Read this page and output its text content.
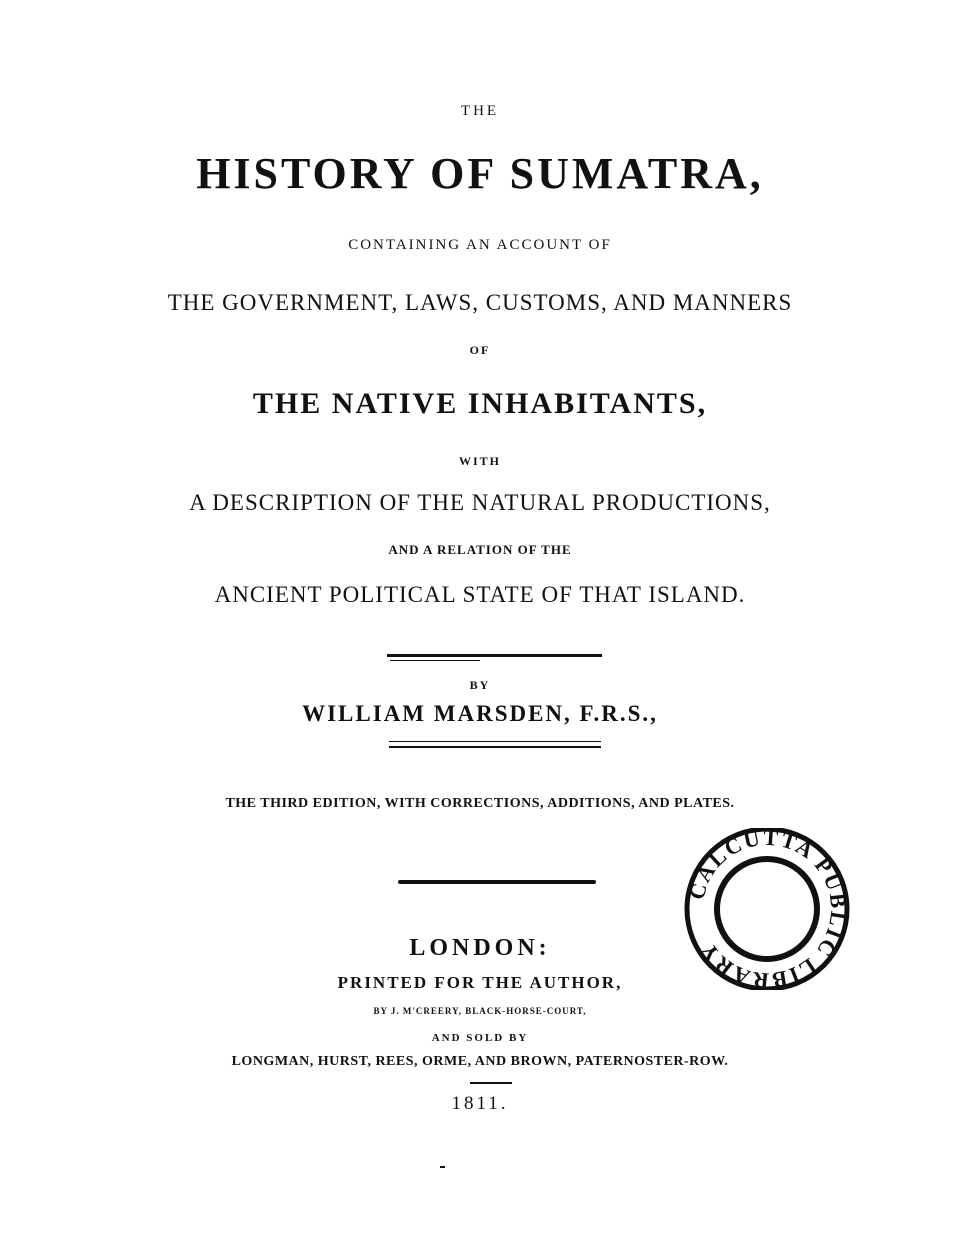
THE
HISTORY OF SUMATRA,
CONTAINING AN ACCOUNT OF
THE GOVERNMENT, LAWS, CUSTOMS, AND MANNERS
OF
THE NATIVE INHABITANTS,
WITH
A DESCRIPTION OF THE NATURAL PRODUCTIONS,
AND A RELATION OF THE
ANCIENT POLITICAL STATE OF THAT ISLAND.
BY
WILLIAM MARSDEN, F.R.S.,
THE THIRD EDITION, WITH CORRECTIONS, ADDITIONS, AND PLATES.
LONDON:
PRINTED FOR THE AUTHOR,
BY J. M'CREERY, BLACK-HORSE-COURT,
AND SOLD BY
LONGMAN, HURST, REES, ORME, AND BROWN, PATERNOSTER-ROW.
1811.
CALCUTTA PUBLIC LIBRARY
